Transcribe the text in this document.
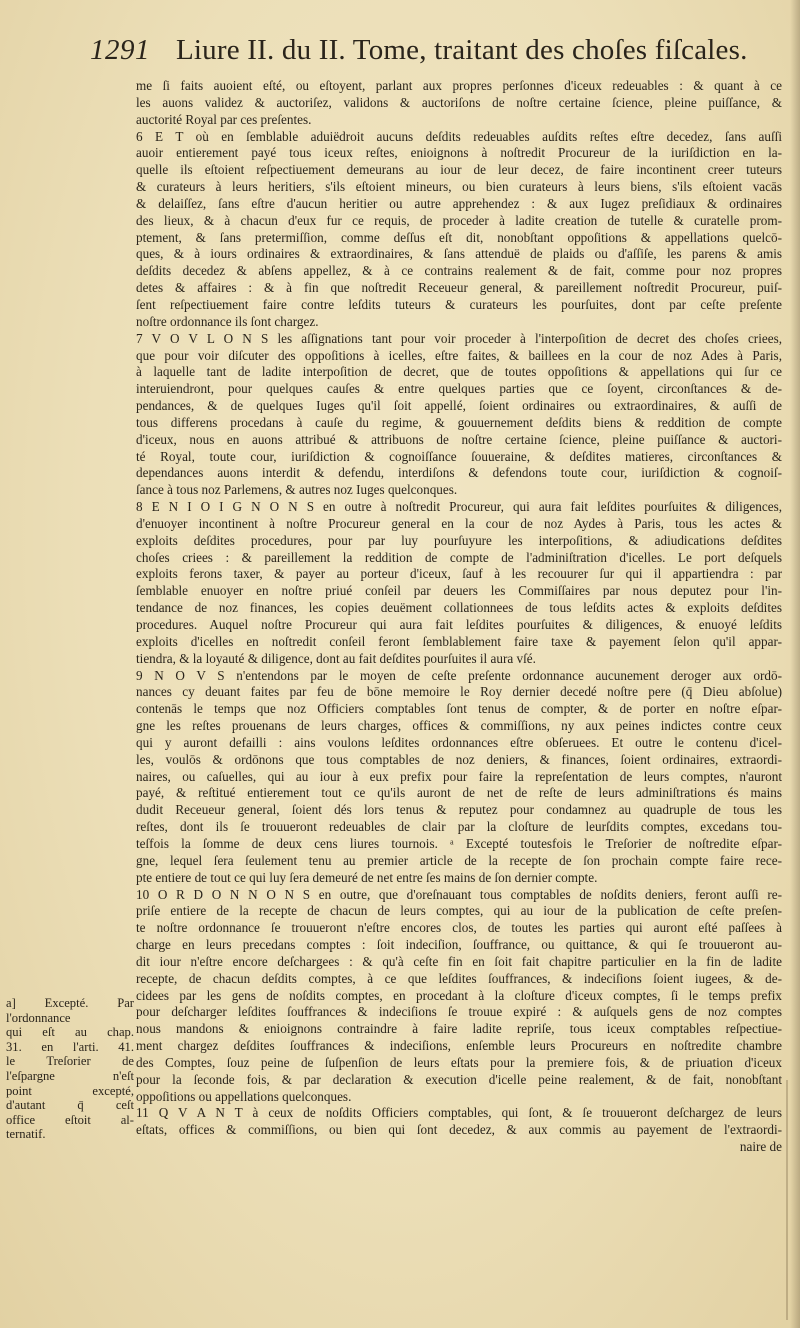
1291 Liure II. du II. Tome, traitant des choſes fiſcales.
me ſi faits auoient eſté, ou eſtoyent, parlant aux propres perſonnes d'iceux redeuables : & quant à ce
les auons validez & auctoriſez, validons & auctoriſons de noſtre certaine ſcience, pleine puiſſance, &
auctorité Royal par ces preſentes.
6 E T où en ſemblable aduiëdroit aucuns deſdits redeuables auſdits reſtes eſtre decedez, ſans auſſi
auoir entierement payé tous iceux reſtes, enioignons à noſtredit Procureur de la iuriſdiction en la-
quelle ils eſtoient reſpectiuement demeurans au iour de leur decez, de faire incontinent creer tuteurs
& curateurs à leurs heritiers, s'ils eſtoient mineurs, ou bien curateurs à leurs biens, s'ils eſtoient vacās
& delaiſſez, ſans eſtre d'aucun heritier ou autre apprehendez : & aux Iugez preſidiaux & ordinaires
des lieux, & à chacun d'eux fur ce requis, de proceder à ladite creation de tutelle & curatelle prom-
ptement, & ſans pretermiſſion, comme deſſus eſt dit, nonobſtant oppoſitions & appellations quelcō-
ques, & à iours ordinaires & extraordinaires, & ſans attenduë de plaids ou d'aſſiſe, les parens & amis
deſdits decedez & abſens appellez, & à ce contrains realement & de fait, comme pour noz propres
detes & affaires : & à fin que noſtredit Receueur general, & pareillement noſtredit Procureur, puiſ-
ſent reſpectiuement faire contre leſdits tuteurs & curateurs les pourſuites, dont par ceſte preſente
noſtre ordonnance ils ſont chargez.
7 V O V L O N S les aſſignations tant pour voir proceder à l'interpoſition de decret des choſes criees,
que pour voir diſcuter des oppoſitions à icelles, eſtre faites, & baillees en la cour de noz Ades à Paris,
à laquelle tant de ladite interpoſition de decret, que de toutes oppoſitions & appellations qui ſur ce
interuiendront, pour quelques cauſes & entre quelques parties que ce ſoyent, circonſtances & de-
pendances, & de quelques Iuges qu'il ſoit appellé, ſoient ordinaires ou extraordinaires, & auſſi de
tous differens procedans à cauſe du regime, & gouuernement deſdits biens & reddition de compte
d'iceux, nous en auons attribué & attribuons de noſtre certaine ſcience, pleine puiſſance & auctori-
té Royal, toute cour, iuriſdiction & cognoiſſance ſouueraine, & deſdites matieres, circonſtances &
dependances auons interdit & defendu, interdiſons & defendons toute cour, iuriſdiction & cognoiſ-
ſance à tous noz Parlemens, & autres noz Iuges quelconques.
8 E N I O I G N O N S en outre à noſtredit Procureur, qui aura fait leſdites pourſuites & diligences,
d'enuoyer incontinent à noſtre Procureur general en la cour de noz Aydes à Paris, tous les actes &
exploits deſdites procedures, pour par luy pourſuyure les interpoſitions, & adiudications deſdites
choſes criees : & pareillement la reddition de compte de l'adminiſtration d'icelles. Le port deſquels
exploits ferons taxer, & payer au porteur d'iceux, ſauf à les recouurer ſur qui il appartiendra : par
ſemblable enuoyer en noſtre priué conſeil par deuers les Commiſſaires par nous deputez pour l'in-
tendance de noz finances, les copies deuëment collationnees de tous leſdits actes & exploits deſdites
procedures. Auquel noſtre Procureur qui aura fait leſdites pourſuites & diligences, & enuoyé leſdits
exploits d'icelles en noſtredit conſeil feront ſemblablement faire taxe & payement ſelon qu'il appar-
tiendra, & la loyauté & diligence, dont au fait deſdites pourſuites il aura vſé.
9 N O V S n'entendons par le moyen de ceſte preſente ordonnance aucunement deroger aux ordō-
nances cy deuant faites par feu de bōne memoire le Roy dernier decedé noſtre pere (q̄ Dieu abſolue)
contenās le temps que noz Officiers comptables ſont tenus de compter, & de porter en noſtre eſpar-
gne les reſtes prouenans de leurs charges, offices & commiſſions, ny aux peines indictes contre ceux
qui y auront defailli : ains voulons leſdites ordonnances eſtre obſeruees. Et outre le contenu d'icel-
les, voulōs & ordōnons que tous comptables de noz deniers, & finances, ſoient ordinaires, extraordi-
naires, ou caſuelles, qui au iour à eux prefix pour faire la repreſentation de leurs comptes, n'auront
payé, & reſtitué entierement tout ce qu'ils auront de net de reſte de leurs adminiſtrations és mains
dudit Receueur general, ſoient dés lors tenus & reputez pour condamnez au quadruple de tous les
reſtes, dont ils ſe trouueront redeuables de clair par la cloſture de leurſdits comptes, excedans tou-
teſfois la ſomme de deux cens liures tournois. ᵃ Excepté toutesfois le Treſorier de noſtredite eſpar-
gne, lequel ſera ſeulement tenu au premier article de la recepte de ſon prochain compte faire rece-
pte entiere de tout ce qui luy ſera demeuré de net entre ſes mains de ſon dernier compte.
10 O R D O N N O N S en outre, que d'oreſnauant tous comptables de noſdits deniers, feront auſſi re-
priſe entiere de la recepte de chacun de leurs comptes, qui au iour de la publication de ceſte preſen-
te noſtre ordonnance ſe trouueront n'eſtre encores clos, de toutes les parties qui auront eſté paſſees à
charge en leurs precedans comptes : ſoit indeciſion, ſouffrance, ou quittance, & qui ſe trouueront au-
dit iour n'eſtre encore deſchargees : & qu'à ceſte fin en ſoit fait chapitre particulier en la fin de ladite
recepte, de chacun deſdits comptes, à ce que leſdites ſouffrances, & indeciſions ſoient iugees, & de-
cidees par les gens de noſdits comptes, en procedant à la cloſture d'iceux comptes, ſi le temps prefix
pour deſcharger leſdites ſouffrances & indeciſions ſe trouue expiré : & auſquels gens de noz comptes
nous mandons & enioignons contraindre à faire ladite repriſe, tous iceux comptables reſpectiue-
ment chargez deſdites ſouffrances & indeciſions, enſemble leurs Procureurs en noſtredite chambre
des Comptes, ſouz peine de ſuſpenſion de leurs eſtats pour la premiere fois, & de priuation d'iceux
pour la ſeconde fois, & par declaration & execution d'icelle peine realement, & de fait, nonobſtant
oppoſitions ou appellations quelconques.
11 Q V A N T à ceux de noſdits Officiers comptables, qui ſont, & ſe trouueront deſchargez de leurs
eſtats, offices & commiſſions, ou bien qui ſont decedez, & aux commis au payement de l'extraordi-
naire de
a] Excepté. Par
l'ordonnance
qui eſt au chap.
31. en l'arti. 41.
le Treſorier de
l'eſpargne n'eſt
point excepté,
d'autant q̄ ceſt
office eſtoit al-
ternatif.
